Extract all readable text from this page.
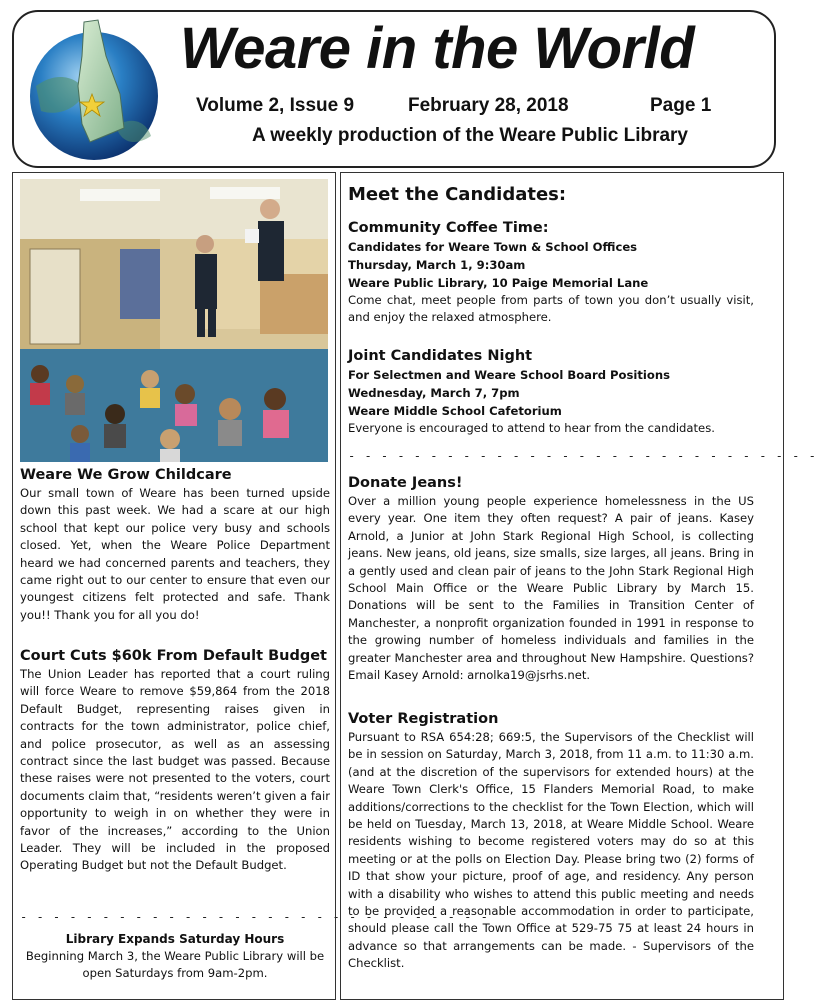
Weare in the World
Volume 2, Issue 9	February 28, 2018	Page 1
A weekly production of the Weare Public Library
Weare We Grow Childcare

Our small town of Weare has been turned upside down this past week. We had a scare at our high school that kept our police very busy and schools closed. Yet, when the Weare Police Department heard we had concerned parents and teachers, they came right out to our center to ensure that even our youngest citizens felt protected and safe. Thank you!! Thank you for all you do!

Court Cuts $60k From Default Budget

The Union Leader has reported that a court ruling will force Weare to remove $59,864 from the 2018 Default Budget, representing raises given in contracts for the town administrator, police chief, and police prosecutor, as well as an assessing contract since the last budget was passed. Because these raises were not presented to the voters, court documents claim that, “residents weren’t given a fair opportunity to weigh in on whether they were in favor of the increases,” according to the Union Leader. They will be included in the proposed Operating Budget but not the Default Budget.

- - - - - - - - - - - - - - - - - - - - - - - - - - - - -
Library Expands Saturday Hours

Beginning March 3, the Weare Public Library will be open Saturdays from 9am-2pm.

Meet the Candidates:
Community Coffee Time:
Candidates for Weare Town & School Offices
Thursday, March 1, 9:30am
Weare Public Library, 10 Paige Memorial Lane

Come chat, meet people from parts of town you don’t usually visit, and enjoy the relaxed atmosphere.

Joint Candidates Night
For Selectmen and Weare School Board Positions
Wednesday, March 7, 7pm
Weare Middle School Cafetorium

Everyone is encouraged to attend to hear from the candidates.

- - - - - - - - - - - - - - - - - - - - - - - - - - - - -
Donate Jeans!

Over a million young people experience homelessness in the US every year. One item they often request? A pair of jeans. Kasey Arnold, a Junior at John Stark Regional High School, is collecting jeans. New jeans, old jeans, size smalls, size larges, all jeans. Bring in a gently used and clean pair of jeans to the John Stark Regional High School Main Office or the Weare Public Library by March 15. Donations will be sent to the Families in Transition Center of Manchester, a nonprofit organization founded in 1991 in response to the growing number of homeless individuals and families in the greater Manchester area and throughout New Hampshire. Questions? Email Kasey Arnold: arnolka19@jsrhs.net.

Voter Registration

Pursuant to RSA 654:28; 669:5, the Supervisors of the Checklist will be in session on Saturday, March 3, 2018, from 11 a.m. to 11:30 a.m. (and at the discretion of the supervisors for extended hours) at the Weare Town Clerk's Office, 15 Flanders Memorial Road, to make additions/corrections to the checklist for the Town Election, which will be held on Tuesday, March 13, 2018, at Weare Middle School. Weare residents wishing to become registered voters may do so at this meeting or at the polls on Election Day. Please bring two (2) forms of ID that show your picture, proof of age, and residency. Any person with a disability who wishes to attend this public meeting and needs to be provided a reasonable accommodation in order to participate, should please call the Town Office at 529-75 75 at least 24 hours in advance so that arrangements can be made. - Supervisors of the Checklist.
